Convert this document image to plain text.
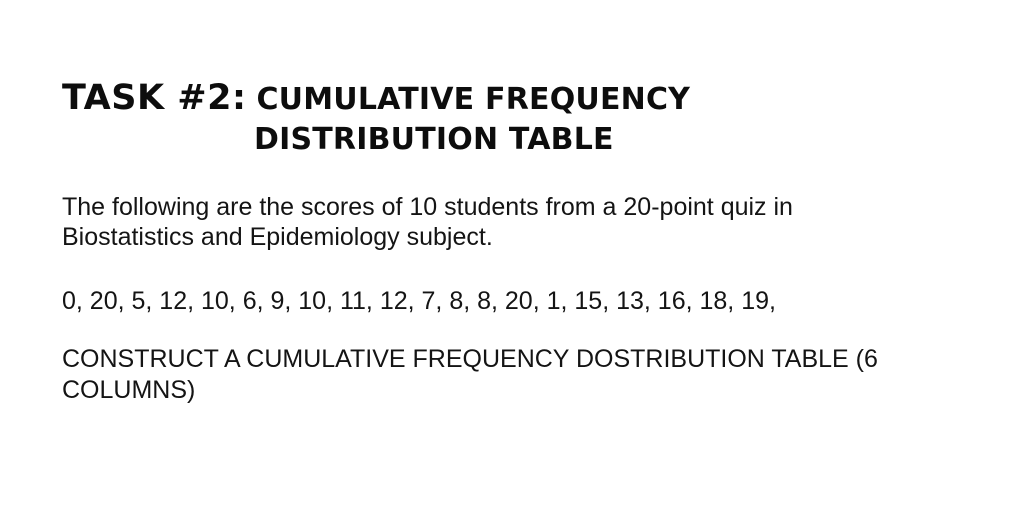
TASK #2: CUMULATIVE FREQUENCY
DISTRIBUTION TABLE

The following are the scores of 10 students from a 20-point quiz in
Biostatistics and Epidemiology subject.

0, 20, 5, 12, 10, 6, 9, 10, 11, 12, 7, 8, 8, 20, 1, 15, 13, 16, 18, 19,

CONSTRUCT A CUMULATIVE FREQUENCY DOSTRIBUTION TABLE (6
COLUMNS)
